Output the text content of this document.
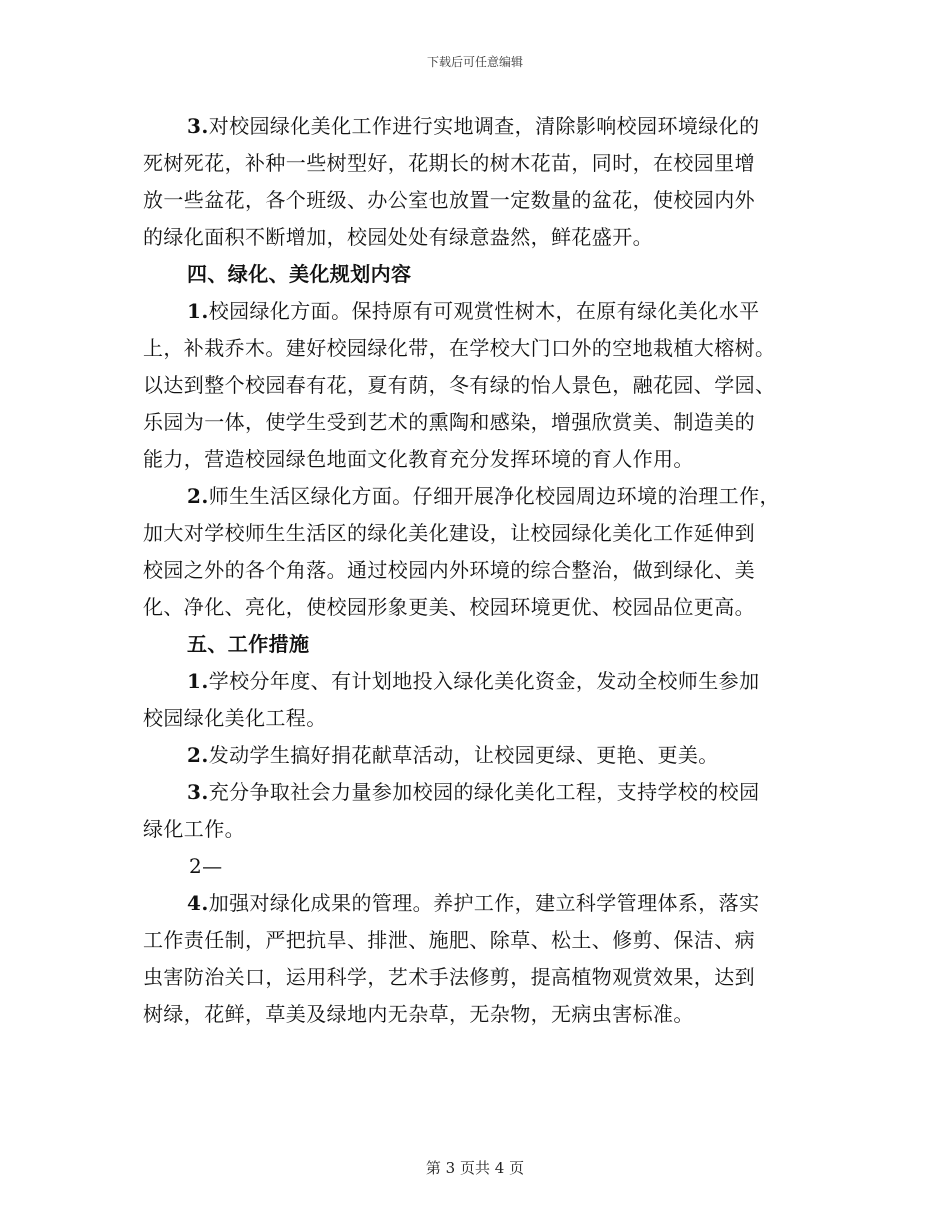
下载后可任意编辑
3.对校园绿化美化工作进行实地调查，清除影响校园环境绿化的
死树死花，补种一些树型好，花期长的树木花苗，同时，在校园里增
放一些盆花，各个班级、办公室也放置一定数量的盆花，使校园内外
的绿化面积不断增加，校园处处有绿意盎然，鲜花盛开。
四、绿化、美化规划内容
1.校园绿化方面。保持原有可观赏性树木，在原有绿化美化水平
上，补栽乔木。建好校园绿化带，在学校大门口外的空地栽植大榕树。
以达到整个校园春有花，夏有荫，冬有绿的怡人景色，融花园、学园、
乐园为一体，使学生受到艺术的熏陶和感染，增强欣赏美、制造美的
能力，营造校园绿色地面文化教育充分发挥环境的育人作用。
2.师生生活区绿化方面。仔细开展净化校园周边环境的治理工作，
加大对学校师生生活区的绿化美化建设，让校园绿化美化工作延伸到
校园之外的各个角落。通过校园内外环境的综合整治，做到绿化、美
化、净化、亮化，使校园形象更美、校园环境更优、校园品位更高。
五、工作措施
1.学校分年度、有计划地投入绿化美化资金，发动全校师生参加
校园绿化美化工程。
2.发动学生搞好捐花献草活动，让校园更绿、更艳、更美。
3.充分争取社会力量参加校园的绿化美化工程，支持学校的校园
绿化工作。
2—
4.加强对绿化成果的管理。养护工作，建立科学管理体系，落实
工作责任制，严把抗旱、排泄、施肥、除草、松土、修剪、保洁、病
虫害防治关口，运用科学，艺术手法修剪，提高植物观赏效果，达到
树绿，花鲜，草美及绿地内无杂草，无杂物，无病虫害标准。
第 3 页共 4 页
